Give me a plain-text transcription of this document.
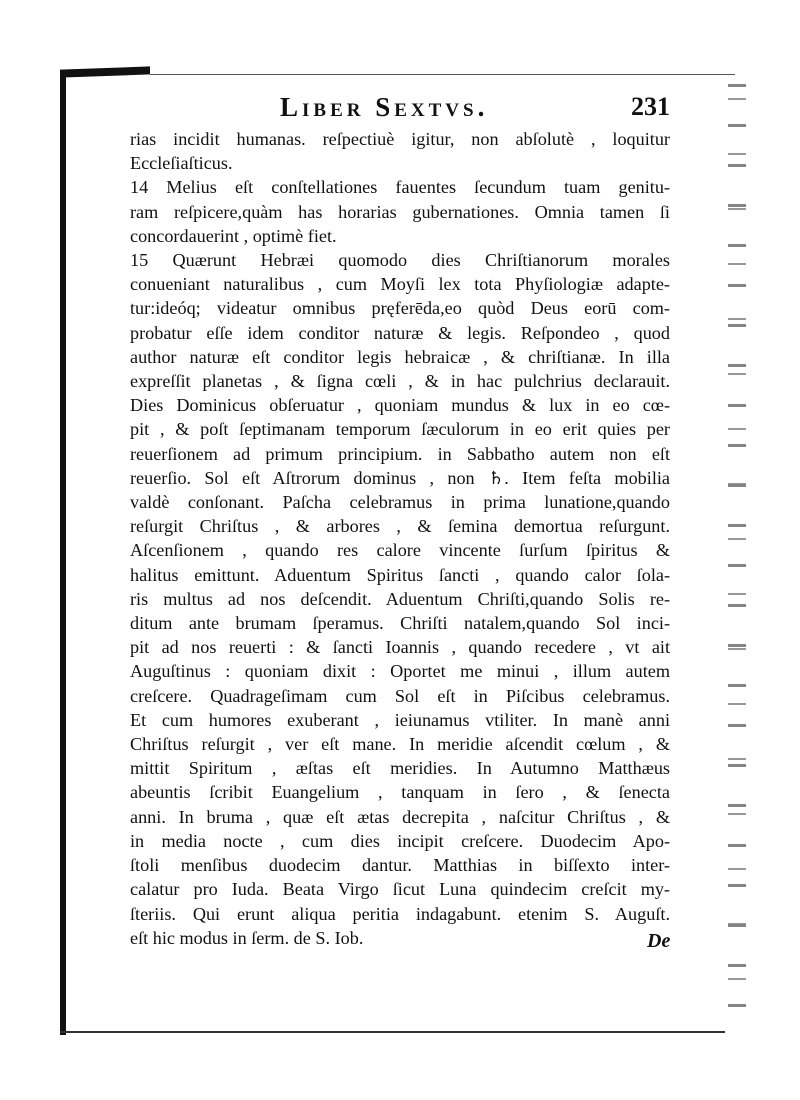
Liber Sextvs.	231
rias incidit humanas. reſpectiuè igitur, non abſolutè , loquitur
Eccleſiaſticus.
14 Melius eſt conſtellationes fauentes ſecundum tuam genitu-
ram reſpicere,quàm has horarias gubernationes. Omnia tamen ſi
concordauerint , optimè fiet.
15 Quærunt Hebræi quomodo dies Chriſtianorum morales
conueniant naturalibus , cum Moyſi lex tota Phyſiologiæ adapte-
tur:ideóq; videatur omnibus pręferēda,eo quòd Deus eorū com-
probatur eſſe idem conditor naturæ & legis. Reſpondeo , quod
author naturæ eſt conditor legis hebraicæ , & chriſtianæ. In illa
expreſſit planetas , & ſigna cœli , & in hac pulchrius declarauit.
Dies Dominicus obſeruatur , quoniam mundus & lux in eo cœ-
pit , & poſt ſeptimanam temporum ſæculorum in eo erit quies per
reuerſionem ad primum principium. in Sabbatho autem non eſt
reuerſio. Sol eſt Aſtrorum dominus , non ♄. Item feſta mobilia
valdè conſonant. Paſcha celebramus in prima lunatione,quando
reſurgit Chriſtus , & arbores , & ſemina demortua reſurgunt.
Aſcenſionem , quando res calore vincente ſurſum ſpiritus &
halitus emittunt. Aduentum Spiritus ſancti , quando calor ſola-
ris multus ad nos deſcendit. Aduentum Chriſti,quando Solis re-
ditum ante brumam ſperamus. Chriſti natalem,quando Sol inci-
pit ad nos reuerti : & ſancti Ioannis , quando recedere , vt ait
Auguſtinus : quoniam dixit : Oportet me minui , illum autem
creſcere. Quadrageſimam cum Sol eſt in Piſcibus celebramus.
Et cum humores exuberant , ieiunamus vtiliter. In manè anni
Chriſtus reſurgit , ver eſt mane. In meridie aſcendit cœlum , &
mittit Spiritum , æſtas eſt meridies. In Autumno Matthæus
abeuntis ſcribit Euangelium , tanquam in ſero , & ſenecta
anni. In bruma , quæ eſt ætas decrepita , naſcitur Chriſtus , &
in media nocte , cum dies incipit creſcere. Duodecim Apo-
ſtoli menſibus duodecim dantur. Matthias in biſſexto inter-
calatur pro Iuda. Beata Virgo ſicut Luna quindecim creſcit my-
ſteriis. Qui erunt aliqua peritia indagabunt. etenim S. Auguſt.
eſt hic modus in ſerm. de S. Iob.	De
